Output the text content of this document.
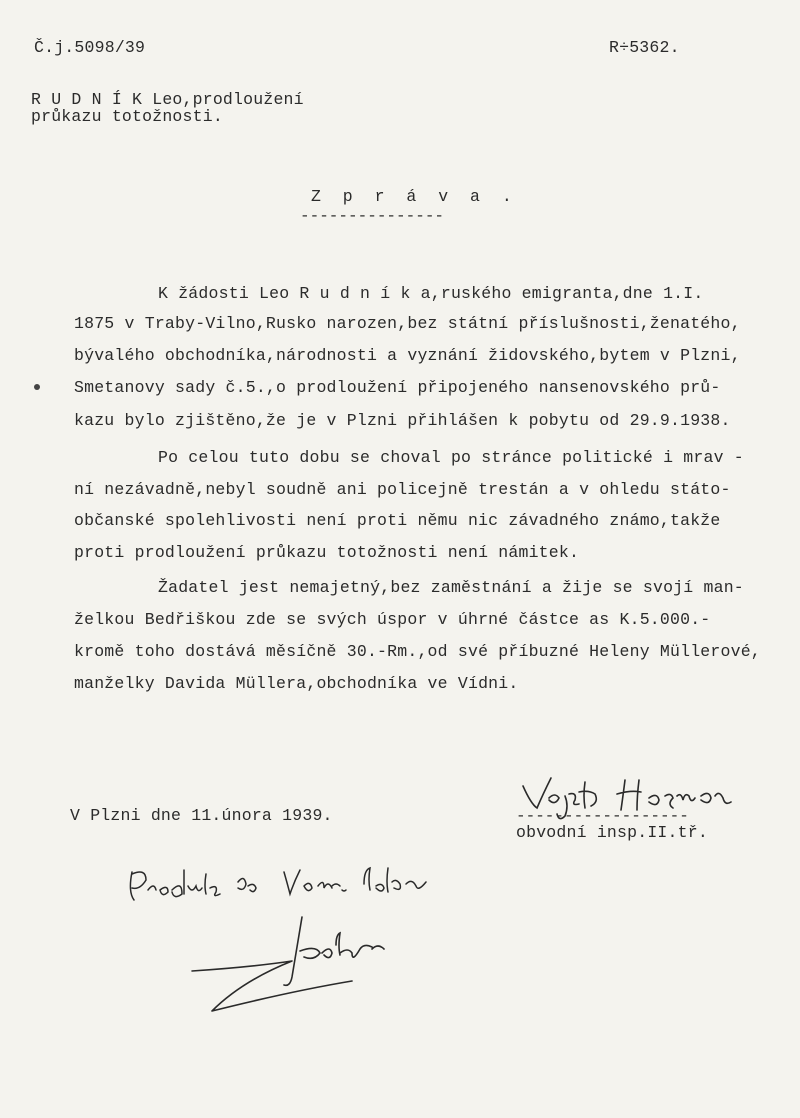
Č.j.5098/39	R÷5362.
R U D N Í K Leo,prodloužení
průkazu totožnosti.
Z p r á v a .
---------------
K žádosti Leo R u d n í k a,ruského emigranta,dne 1.I.
1875 v Traby-Vilno,Rusko narozen,bez státní příslušnosti,ženatého,
bývalého obchodníka,národnosti a vyznání židovského,bytem v Plzni,
Smetanovy sady č.5.,o prodloužení připojeného nansenovského prů-
kazu bylo zjištěno,že je v Plzni přihlášen k pobytu od 29.9.1938.
Po celou tuto dobu se choval po stránce politické i mrav -
ní nezávadně,nebyl soudně ani policejně trestán a v ohledu státo-
občanské spolehlivosti není proti němu nic závadného známo,takže
proti prodloužení průkazu totožnosti není námitek.
Žadatel jest nemajetný,bez zaměstnání a žije se svojí man-
želkou Bedřiškou zde se svých úspor v úhrné částce as K.5.000.-
kromě toho dostává měsíčně 30.-Rm.,od své příbuzné Heleny Müllerové,
manželky Davida Müllera,obchodníka ve Vídni.
V Plzni dne 11.února 1939.	------------------
obvodní insp.II.tř.
